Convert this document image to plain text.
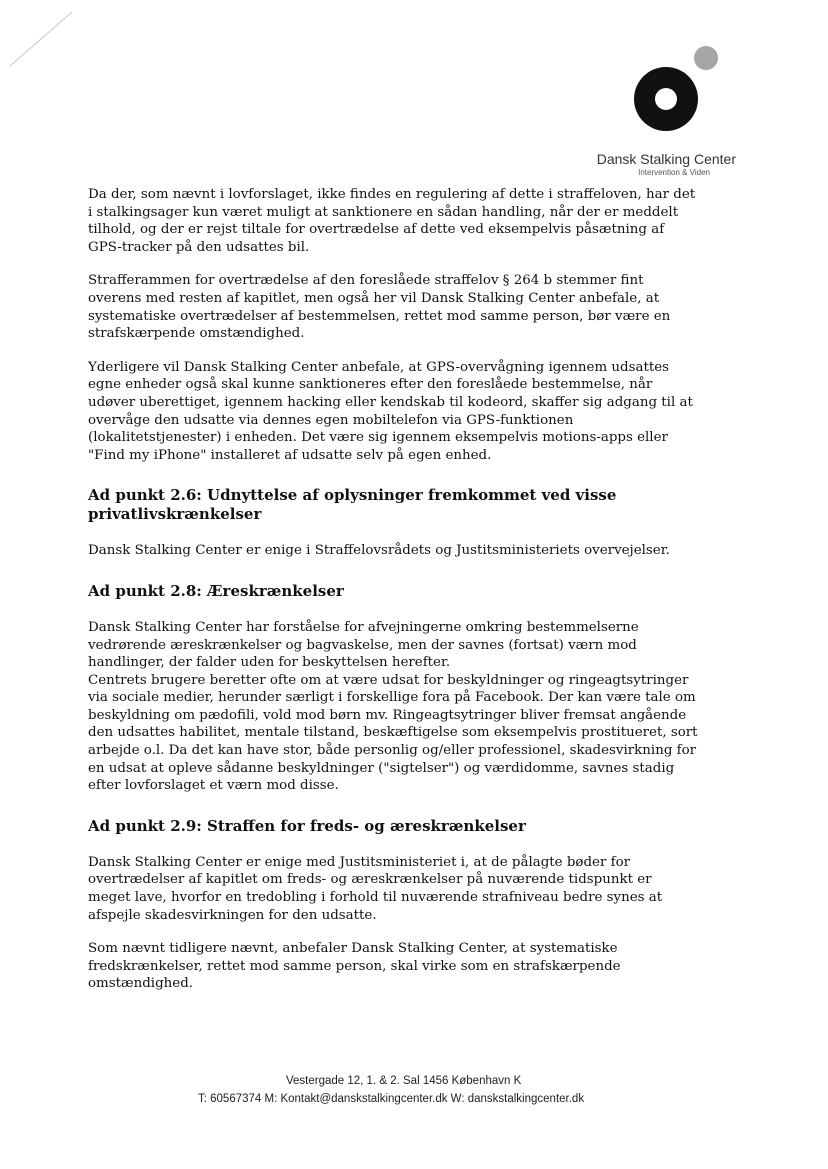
Dansk Stalking Center
Intervention & Viden

Da der, som nævnt i lovforslaget, ikke findes en regulering af dette i straffeloven, har det i stalkingsager kun været muligt at sanktionere en sådan handling, når der er meddelt tilhold, og der er rejst tiltale for overtrædelse af dette ved eksempelvis påsætning af GPS-tracker på den udsattes bil.

Strafferammen for overtrædelse af den foreslåede straffelov § 264 b stemmer fint overens med resten af kapitlet, men også her vil Dansk Stalking Center anbefale, at systematiske overtrædelser af bestemmelsen, rettet mod samme person, bør være en strafskærpende omstændighed.

Yderligere vil Dansk Stalking Center anbefale, at GPS-overvågning igennem udsattes egne enheder også skal kunne sanktioneres efter den foreslåede bestemmelse, når udøver uberettiget, igennem hacking eller kendskab til kodeord, skaffer sig adgang til at overvåge den udsatte via dennes egen mobiltelefon via GPS-funktionen (lokalitetstjenester) i enheden. Det være sig igennem eksempelvis motions-apps eller "Find my iPhone" installeret af udsatte selv på egen enhed.

Ad punkt 2.6: Udnyttelse af oplysninger fremkommet ved visse privatlivskrænkelser

Dansk Stalking Center er enige i Straffelovsrådets og Justitsministeriets overvejelser.

Ad punkt 2.8: Æreskrænkelser

Dansk Stalking Center har forståelse for afvejningerne omkring bestemmelserne vedrørende æreskrænkelser og bagvaskelse, men der savnes (fortsat) værn mod handlinger, der falder uden for beskyttelsen herefter.

Centrets brugere beretter ofte om at være udsat for beskyldninger og ringeagtsytringer via sociale medier, herunder særligt i forskellige fora på Facebook. Der kan være tale om beskyldning om pædofili, vold mod børn mv. Ringeagtsytringer bliver fremsat angående den udsattes habilitet, mentale tilstand, beskæftigelse som eksempelvis prostitueret, sort arbejde o.l. Da det kan have stor, både personlig og/eller professionel, skadesvirkning for en udsat at opleve sådanne beskyldninger ("sigtelser") og værdidomme, savnes stadig efter lovforslaget et værn mod disse.

Ad punkt 2.9: Straffen for freds- og æreskrænkelser

Dansk Stalking Center er enige med Justitsministeriet i, at de pålagte bøder for overtrædelser af kapitlet om freds- og æreskrænkelser på nuværende tidspunkt er meget lave, hvorfor en tredobling i forhold til nuværende strafniveau bedre synes at afspejle skadesvirkningen for den udsatte.

Som nævnt tidligere nævnt, anbefaler Dansk Stalking Center, at systematiske fredskrænkelser, rettet mod samme person, skal virke som en strafskærpende omstændighed.

Vestergade 12, 1. & 2. Sal 1456 København K
T: 60567374 M: Kontakt@danskstalkingcenter.dk W: danskstalkingcenter.dk
